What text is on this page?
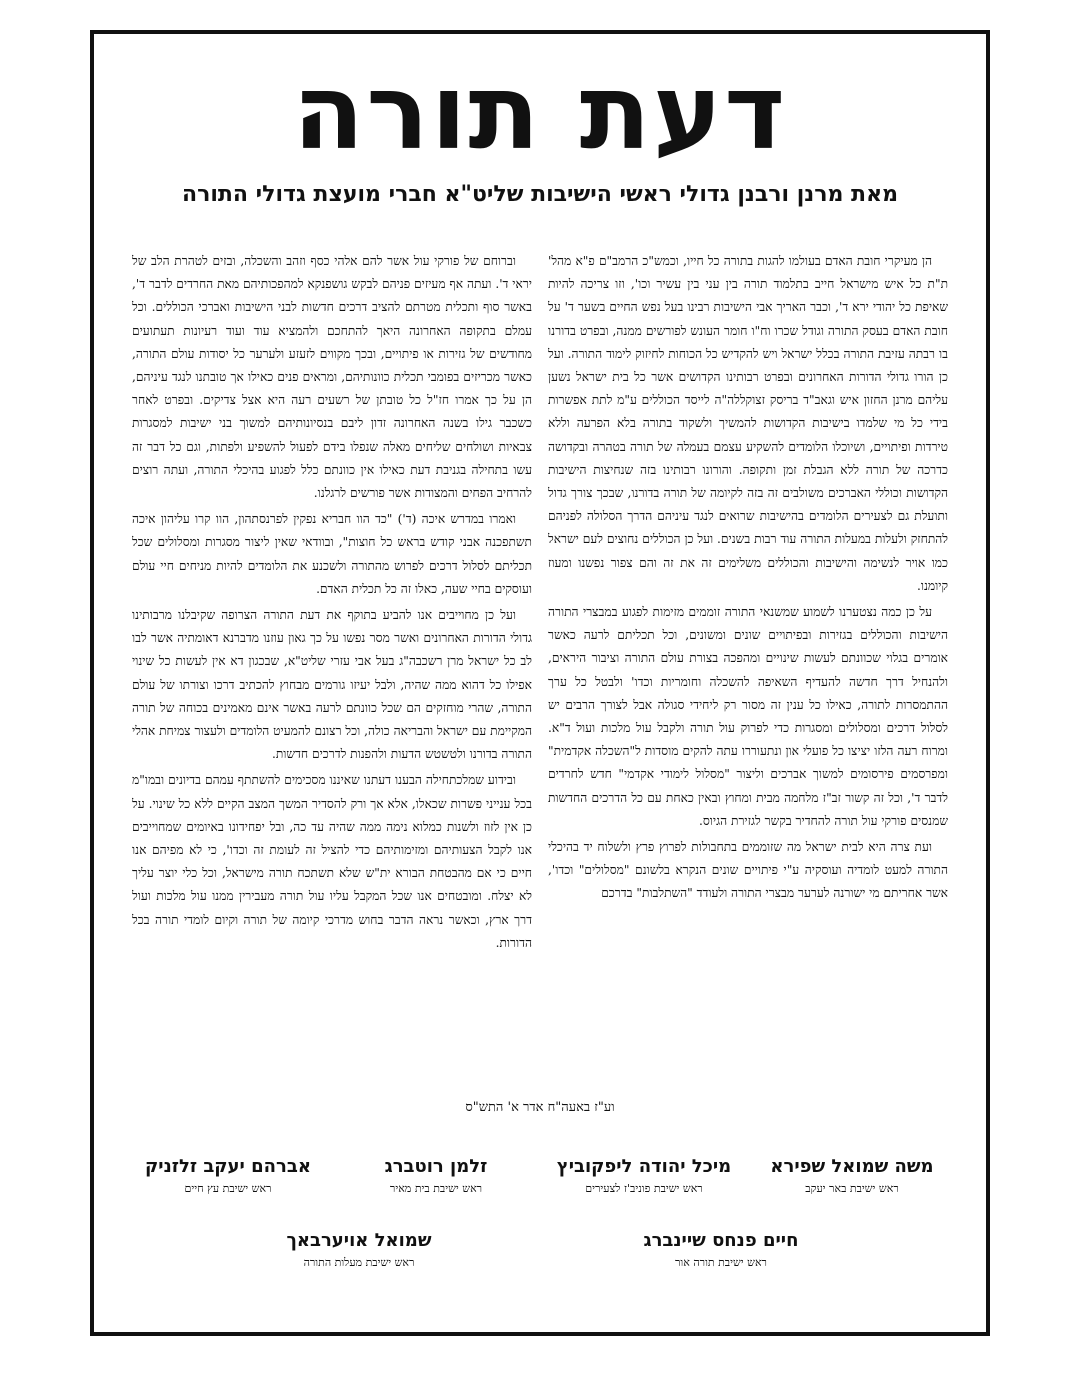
דעת תורה
מאת מרנן ורבנן גדולי ראשי הישיבות שליט"א חברי מועצת גדולי התורה

הן מעיקרי חובת האדם בעולמו להגות בתורה כל חייו, וכמש"כ הרמב"ם פ"א מהל' ת"ת כל איש מישראל חייב בתלמוד תורה בין עני בין עשיר וכו', וזו צריכה להיות שאיפת כל יהודי ירא ד', וכבר האריך אבי הישיבות רבינו בעל נפש החיים בשער ד' על חובת האדם בעסק התורה וגודל שכרו וח"ו חומר העונש לפורשים ממנה, ובפרט בדורנו בו רבתה עזיבת התורה בכלל ישראל ויש להקדיש כל הכוחות לחיזוק לימוד התורה. ועל כן הורו גדולי הדורות האחרונים ובפרט רבותינו הקדושים אשר כל בית ישראל נשען עליהם מרנן החזון איש וגאב"ד בריסק זצוקללה"ה לייסד הכוללים ע"מ לתת אפשרות בידי כל מי שלמדו בישיבות הקדושות להמשיך ולשקוד בתורה בלא הפרעה וללא טירדות ופיתויים, ושיוכלו הלומדים להשקיע עצמם בעמלה של תורה בטהרה ובקדושה כדרכה של תורה ללא הגבלת זמן ותקופה. והורונו רבותינו בזה שנחיצות הישיבות הקדושות וכוללי האברכים משולבים זה בזה לקיומה של תורה בדורנו, שבכך צורך גדול ותועלת גם לצעירים הלומדים בהישיבות שרואים לנגד עיניהם הדרך הסלולה לפניהם להתחזק ולעלות במעלות התורה עוד רבות בשנים. ועל כן הכוללים נחוצים לעם ישראל כמו אויר לנשימה והישיבות והכוללים משלימים זה את זה והם צפור נפשנו ומעוז קיומנו.

על כן כמה נצטערנו לשמוע שמשנאי התורה זוממים מזימות לפגוע במבצרי התורה הישיבות והכוללים בגזירות ובפיתויים שונים ומשונים, וכל תכליתם לרעה כאשר אומרים בגלוי שכוונתם לעשות שינויים ומהפכה בצורת עולם התורה וציבור היראים, ולהנחיל דרך חדשה להעדיף השאיפה להשכלה וחומריות וכדו' ולבטל כל ערך ההתמסרות לתורה, כאילו כל ענין זה מסור רק ליחידי סגולה אבל לצורך הרבים יש לסלול דרכים ומסלולים ומסגרות כדי לפרוק עול תורה ולקבל עול מלכות ועול ד"א. ומרוח רעה הלזו יציצו כל פועלי און ונתעוררו עתה להקים מוסדות ל"השכלה אקדמית" ומפרסמים פירסומים למשוך אברכים וליצור "מסלול לימודי אקדמי" חדש לחרדים לדבר ד', וכל זה קשור זב"ז מלחמה מבית ומחוץ ובאין כאחת עם כל הדרכים החדשות שמנסים פורקי עול תורה להחדיר בקשר לגזירת הגיוס.

ועת צרה היא לבית ישראל מה שזוממים בתחבולות לפרוץ פרץ ולשלוח יד בהיכלי התורה למעט לומדיה ועוסקיה ע"י פיתויים שונים הנקרא בלשונם "מסלולים" וכדו', אשר אחריתם מי ישורנה לערער מבצרי התורה ולעודד "השתלבות" בדרכם

וברוחם של פורקי עול אשר להם אלהי כסף וזהב והשכלה, ובזים לטהרת הלב של יראי ד'. ועתה אף מעיזים פניהם לבקש גושפנקא למהפכותיהם מאת החרדים לדבר ד', באשר סוף ותכלית מטרתם להציב דרכים חדשות לבני הישיבות ואברכי הכוללים. וכל עמלם בתקופה האחרונה היאך להתחכם ולהמציא עוד ועוד רעיונות תעתועים מחודשים של גזירות או פיתויים, ובכך מקווים לזעזע ולערער כל יסודות עולם התורה, כאשר מכריזים בפומבי תכלית כוונותיהם, ומראים פנים כאילו אך טובתנו לנגד עיניהם, הן על כך אמרו חז"ל כל טובתן של רשעים רעה היא אצל צדיקים. ובפרט לאחר כשכבר גילו בשנה האחרונה זדון ליבם בנסיונותיהם למשוך בני ישיבות למסגרות צבאיות ושולחים שליחים מאלה שנפלו בידם לפעול להשפיע ולפתות, וגם כל דבר זה עשו בתחילה בגניבת דעת כאילו אין כוונתם כלל לפגוע בהיכלי התורה, ועתה רוצים להרחיב הפחים והמצודות אשר פורשים לרגלנו.

ואמרו במדרש איכה (ד') "כד הוו חבריא נפקין לפרנסתהון, הוו קרו עליהון איכה תשתפכנה אבני קודש בראש כל חוצות", ובוודאי שאין ליצור מסגרות ומסלולים שכל תכליתם לסלול דרכים לפרוש מהתורה ולשכנע את הלומדים להיות מניחים חיי עולם ועוסקים בחיי שעה, כאלו זה כל תכלית האדם.

ועל כן מחוייבים אנו להביע בתוקף את דעת התורה הצרופה שקיבלנו מרבותינו גדולי הדורות האחרונים ואשר מסר נפשו על כך גאון עוזנו מדברנא דאומתיה אשר לבו לב כל ישראל מרן רשכבה"ג בעל אבי עזרי שליט"א, שבכגון דא אין לעשות כל שינוי אפילו כל דהוא ממה שהיה, ולבל יעיזו גורמים מבחוץ להכתיב דרכו וצורתו של עולם התורה, שהרי מוחזקים הם שכל כוונתם לרעה באשר אינם מאמינים בכוחה של תורה המקיימת עם ישראל והבריאה כולה, וכל רצונם להמעיט הלומדים ולעצור צמיחת אהלי התורה בדורנו ולטשטש הדעות ולהפנות לדרכים חדשות.

ובידוע שמלכתחילה הבענו דעתנו שאיננו מסכימים להשתתף עמהם בדיונים ובמו"מ בכל ענייני פשרות שכאלו, אלא אך ורק להסדיר המשך המצב הקיים ללא כל שינוי. על כן אין לזוז ולשנות כמלוא נימה ממה שהיה עד כה, ובל יפחידונו באיומים שמחוייבים אנו לקבל הצעותיהם ומזימותיהם כדי להציל זה לעומת זה וכדו', כי לא מפיהם אנו חיים כי אם מהבטחת הבורא ית"ש שלא תשתכח תורה מישראל, וכל כלי יוצר עליך לא יצלח. ומובטחים אנו שכל המקבל עליו עול תורה מעבירין ממנו עול מלכות ועול דרך ארץ, וכאשר נראה הדבר בחוש מדרכי קיומה של תורה וקיום לומדי תורה בכל הדורות.

וע"ז באעה"ח אדר א' התש"ס

משה שמואל שפירא
ראש ישיבת באר יעקב
מיכל יהודה ליפקוביץ
ראש ישיבת פוניב'ז לצעירים
זלמן רוטברג
ראש ישיבת בית מאיר
אברהם יעקב זלזניק
ראש ישיבת עץ חיים
חיים פנחס שיינברג
ראש ישיבת תורה אור
שמואל אויערבאך
ראש ישיבת מעלות התורה
